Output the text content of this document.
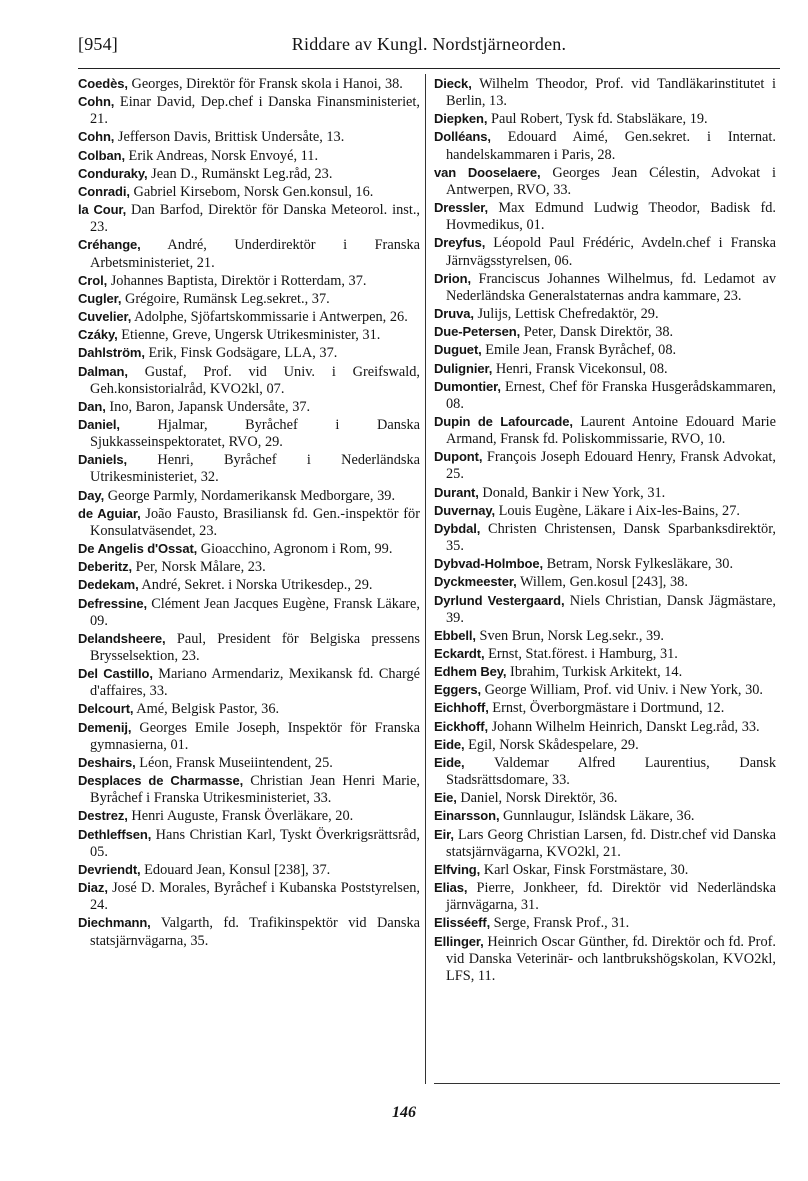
[954]	Riddare av Kungl. Nordstjärneorden.

Coedès, Georges, Direktör för Fransk skola i Hanoi, 38.

Cohn, Einar David, Dep.chef i Danska Finansministeriet, 21.

Cohn, Jefferson Davis, Brittisk Undersåte, 13.

Colban, Erik Andreas, Norsk Envoyé, 11.

Conduraky, Jean D., Rumänskt Leg.råd, 23.

Conradi, Gabriel Kirsebom, Norsk Gen.konsul, 16.

la Cour, Dan Barfod, Direktör för Danska Meteorol. inst., 23.

Créhange, André, Underdirektör i Franska Arbetsministeriet, 21.

Crol, Johannes Baptista, Direktör i Rotterdam, 37.

Cugler, Grégoire, Rumänsk Leg.sekret., 37.

Cuvelier, Adolphe, Sjöfartskommissarie i Antwerpen, 26.

Czáky, Etienne, Greve, Ungersk Utrikesminister, 31.

Dahlström, Erik, Finsk Godsägare, LLA, 37.

Dalman, Gustaf, Prof. vid Univ. i Greifswald, Geh.konsistorialråd, KVO2kl, 07.

Dan, Ino, Baron, Japansk Undersåte, 37.

Daniel, Hjalmar, Byråchef i Danska Sjukkasseinspektoratet, RVO, 29.

Daniels, Henri, Byråchef i Nederländska Utrikesministeriet, 32.

Day, George Parmly, Nordamerikansk Medborgare, 39.

de Aguiar, João Fausto, Brasiliansk fd. Gen.-inspektör för Konsulatväsendet, 23.

De Angelis d'Ossat, Gioacchino, Agronom i Rom, 99.

Deberitz, Per, Norsk Målare, 23.

Dedekam, André, Sekret. i Norska Utrikesdep., 29.

Defressine, Clément Jean Jacques Eugène, Fransk Läkare, 09.

Delandsheere, Paul, President för Belgiska pressens Brysselsektion, 23.

Del Castillo, Mariano Armendariz, Mexikansk fd. Chargé d'affaires, 33.

Delcourt, Amé, Belgisk Pastor, 36.

Demenij, Georges Emile Joseph, Inspektör för Franska gymnasierna, 01.

Deshairs, Léon, Fransk Museiintendent, 25.

Desplaces de Charmasse, Christian Jean Henri Marie, Byråchef i Franska Utrikesministeriet, 33.

Destrez, Henri Auguste, Fransk Överläkare, 20.

Dethleffsen, Hans Christian Karl, Tyskt Överkrigsrättsråd, 05.

Devriendt, Edouard Jean, Konsul [238], 37.

Diaz, José D. Morales, Byråchef i Kubanska Poststyrelsen, 24.

Diechmann, Valgarth, fd. Trafikinspektör vid Danska statsjärnvägarna, 35.

Dieck, Wilhelm Theodor, Prof. vid Tandläkarinstitutet i Berlin, 13.

Diepken, Paul Robert, Tysk fd. Stabsläkare, 19.

Dolléans, Edouard Aimé, Gen.sekret. i Internat. handelskammaren i Paris, 28.

van Dooselaere, Georges Jean Célestin, Advokat i Antwerpen, RVO, 33.

Dressler, Max Edmund Ludwig Theodor, Badisk fd. Hovmedikus, 01.

Dreyfus, Léopold Paul Frédéric, Avdeln.chef i Franska Järnvägsstyrelsen, 06.

Drion, Franciscus Johannes Wilhelmus, fd. Ledamot av Nederländska Generalstaternas andra kammare, 23.

Druva, Julijs, Lettisk Chefredaktör, 29.

Due-Petersen, Peter, Dansk Direktör, 38.

Duguet, Emile Jean, Fransk Byråchef, 08.

Dulignier, Henri, Fransk Vicekonsul, 08.

Dumontier, Ernest, Chef för Franska Husgerådskammaren, 08.

Dupin de Lafourcade, Laurent Antoine Edouard Marie Armand, Fransk fd. Poliskommissarie, RVO, 10.

Dupont, François Joseph Edouard Henry, Fransk Advokat, 25.

Durant, Donald, Bankir i New York, 31.

Duvernay, Louis Eugène, Läkare i Aix-les-Bains, 27.

Dybdal, Christen Christensen, Dansk Sparbanksdirektör, 35.

Dybvad-Holmboe, Betram, Norsk Fylkesläkare, 30.

Dyckmeester, Willem, Gen.kosul [243], 38.

Dyrlund Vestergaard, Niels Christian, Dansk Jägmästare, 39.

Ebbell, Sven Brun, Norsk Leg.sekr., 39.

Eckardt, Ernst, Stat.förest. i Hamburg, 31.

Edhem Bey, Ibrahim, Turkisk Arkitekt, 14.

Eggers, George William, Prof. vid Univ. i New York, 30.

Eichhoff, Ernst, Överborgmästare i Dortmund, 12.

Eickhoff, Johann Wilhelm Heinrich, Danskt Leg.råd, 33.

Eide, Egil, Norsk Skådespelare, 29.

Eide, Valdemar Alfred Laurentius, Dansk Stadsrättsdomare, 33.

Eie, Daniel, Norsk Direktör, 36.

Einarsson, Gunnlaugur, Isländsk Läkare, 36.

Eir, Lars Georg Christian Larsen, fd. Distr.chef vid Danska statsjärnvägarna, KVO2kl, 21.

Elfving, Karl Oskar, Finsk Forstmästare, 30.

Elias, Pierre, Jonkheer, fd. Direktör vid Nederländska järnvägarna, 31.

Elisséeff, Serge, Fransk Prof., 31.

Ellinger, Heinrich Oscar Günther, fd. Direktör och fd. Prof. vid Danska Veterinär- och lantbrukshögskolan, KVO2kl, LFS, 11.

146
